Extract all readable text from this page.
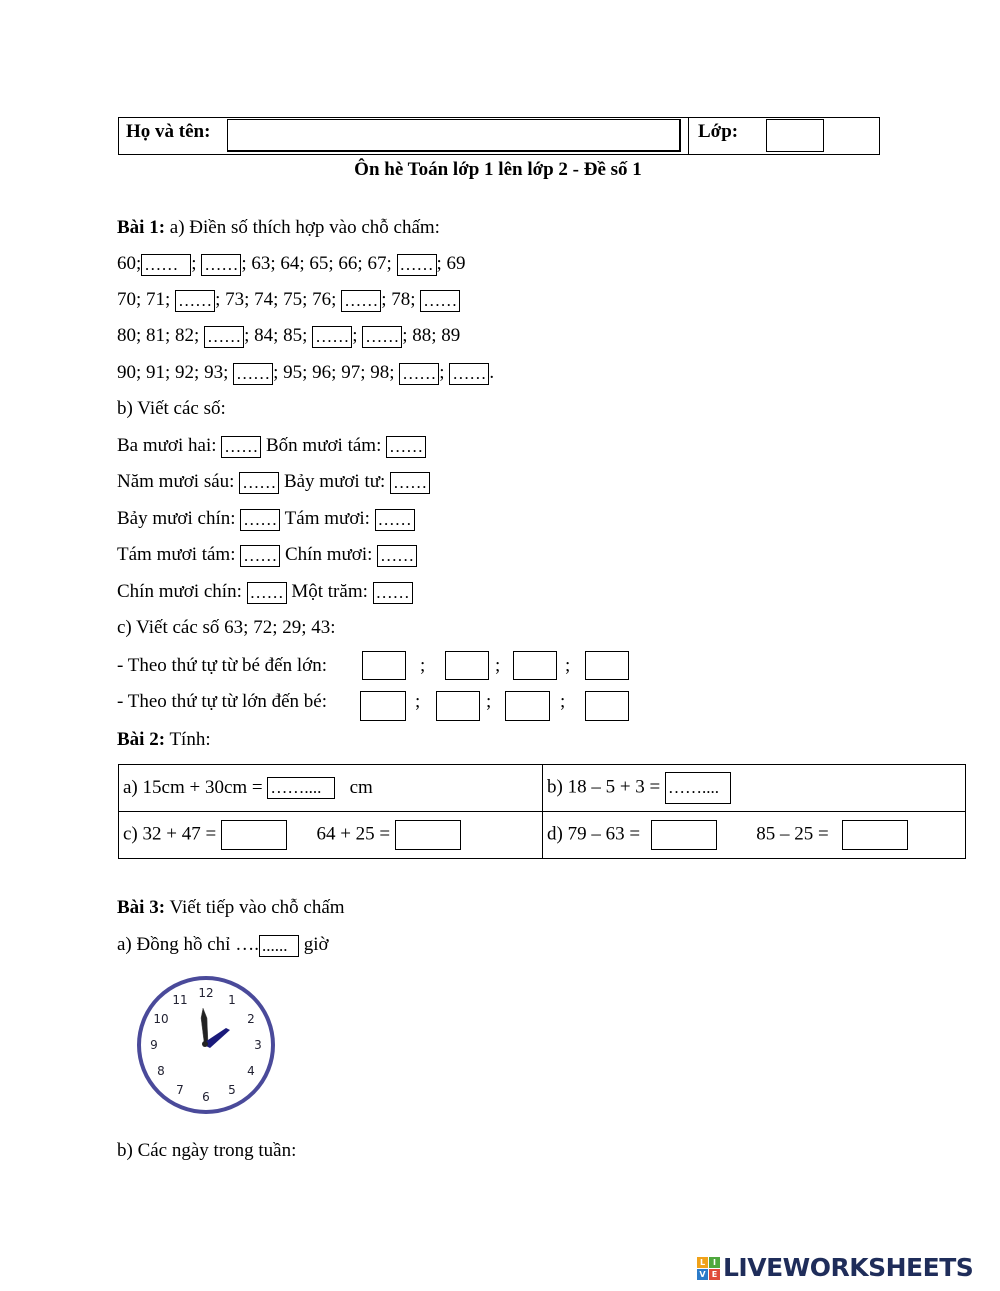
Họ và tên:	Lớp:
Ôn hè Toán lớp 1 lên lớp 2 - Đề số 1
Bài 1: a) Điền số thích hợp vào chỗ chấm:
60; …… ; …… ; 63; 64; 65; 66; 67; …… ; 69
70; 71; …… ; 73; 74; 75; 76; …… ; 78; ……
80; 81; 82; …… ; 84; 85; …… ; …… ; 88; 89
90; 91; 92; 93; …… ; 95; 96; 97; 98; …… ; …… .
b) Viết các số:
Ba mươi hai: …… Bốn mươi tám: ……
Năm mươi sáu: …… Bảy mươi tư: ……
Bảy mươi chín: …… Tám mươi: ……
Tám mươi tám: …… Chín mươi: ……
Chín mươi chín: …… Một trăm: ……
c) Viết các số 63; 72; 29; 43:
- Theo thứ tự từ bé đến lớn:	;	;	;
- Theo thứ tự từ lớn đến bé:	;	;	;
Bài 2: Tính:
a) 15cm + 30cm = …….... cm	b) 18 – 5 + 3 = ……....
c) 32 + 47 = 64 + 25 =	d) 79 – 63 = 85 – 25 =
Bài 3: Viết tiếp vào chỗ chấm
a) Đồng hồ chỉ …. ...... giờ
12 1
2
3
4
5
6
7
8
9
10
11
b) Các ngày trong tuần:
L I
V E LIVEWORKSHEETS
